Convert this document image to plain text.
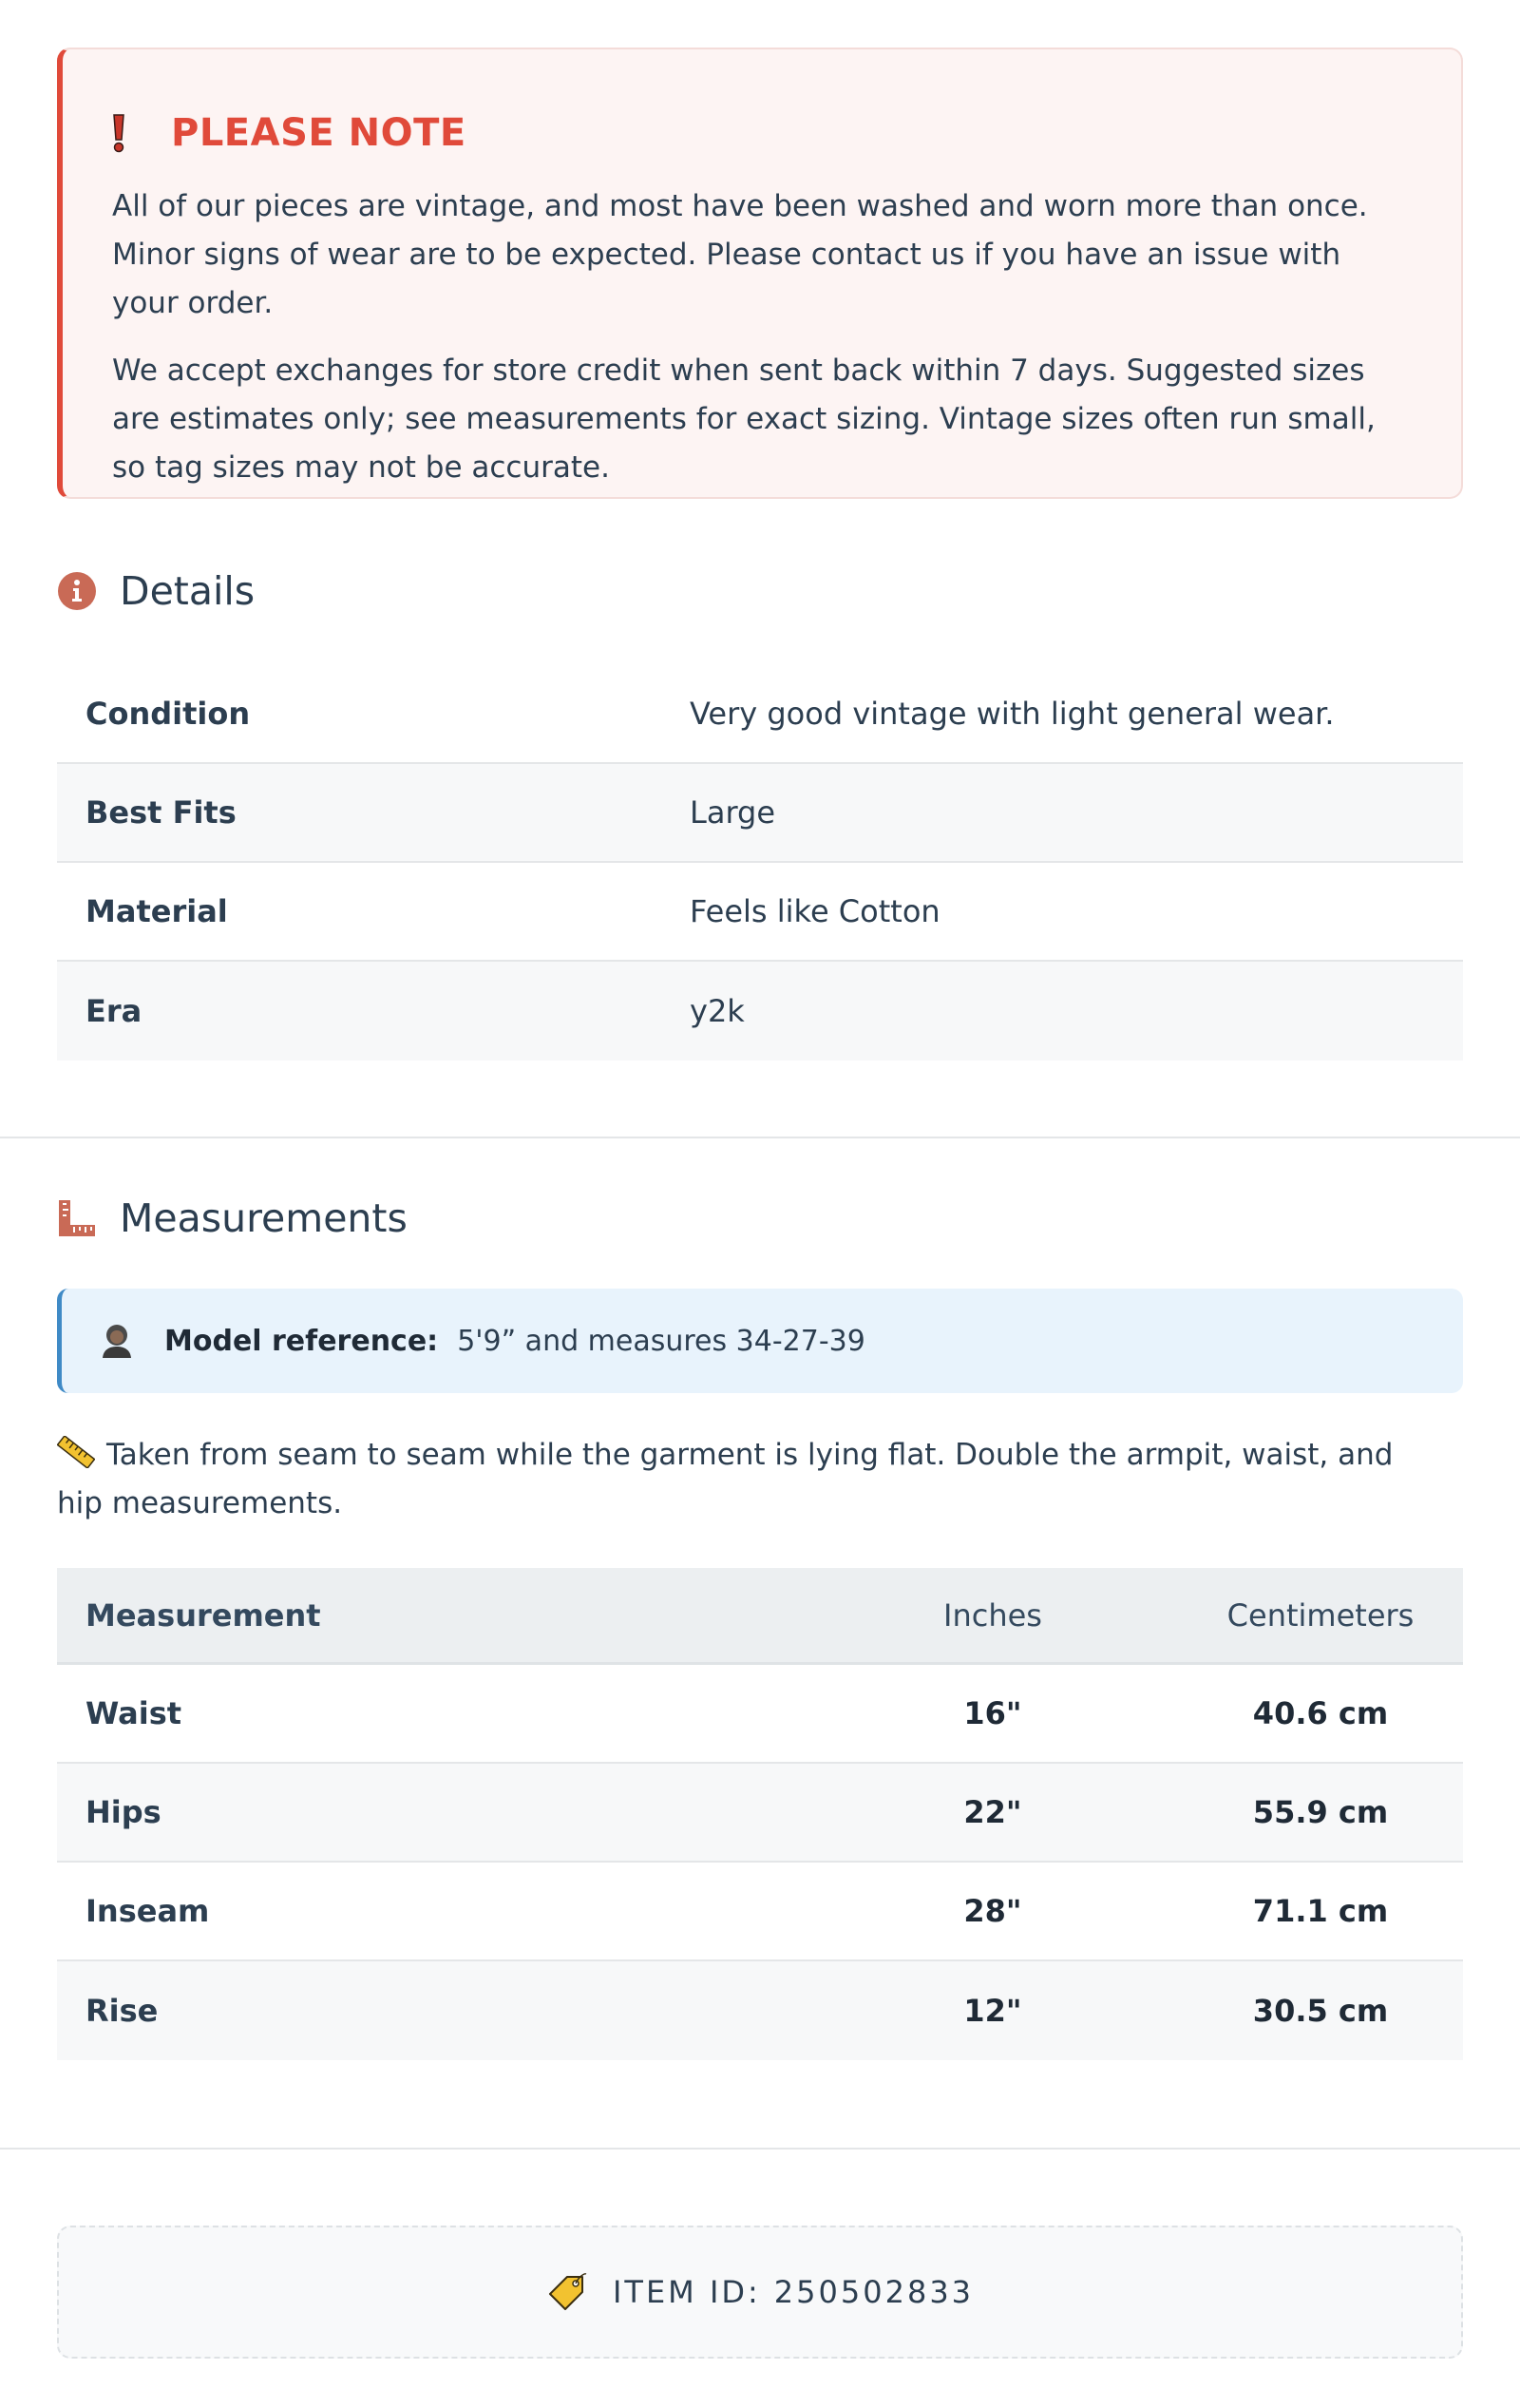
PLEASE NOTE

All of our pieces are vintage, and most have been washed and worn more than once. Minor signs of wear are to be expected. Please contact us if you have an issue with your order.

We accept exchanges for store credit when sent back within 7 days. Suggested sizes are estimates only; see measurements for exact sizing. Vintage sizes often run small, so tag sizes may not be accurate.

Details
Condition	Very good vintage with light general wear.
Best Fits	Large
Material	Feels like Cotton
Era	y2k
Measurements
Model reference: 5'9” and measures 34-27-39
Taken from seam to seam while the garment is lying flat. Double the armpit, waist, and hip measurements.
Measurement	Inches	Centimeters
Waist	16"	40.6 cm
Hips	22"	55.9 cm
Inseam	28"	71.1 cm
Rise	12"	30.5 cm
ITEM ID: 250502833
